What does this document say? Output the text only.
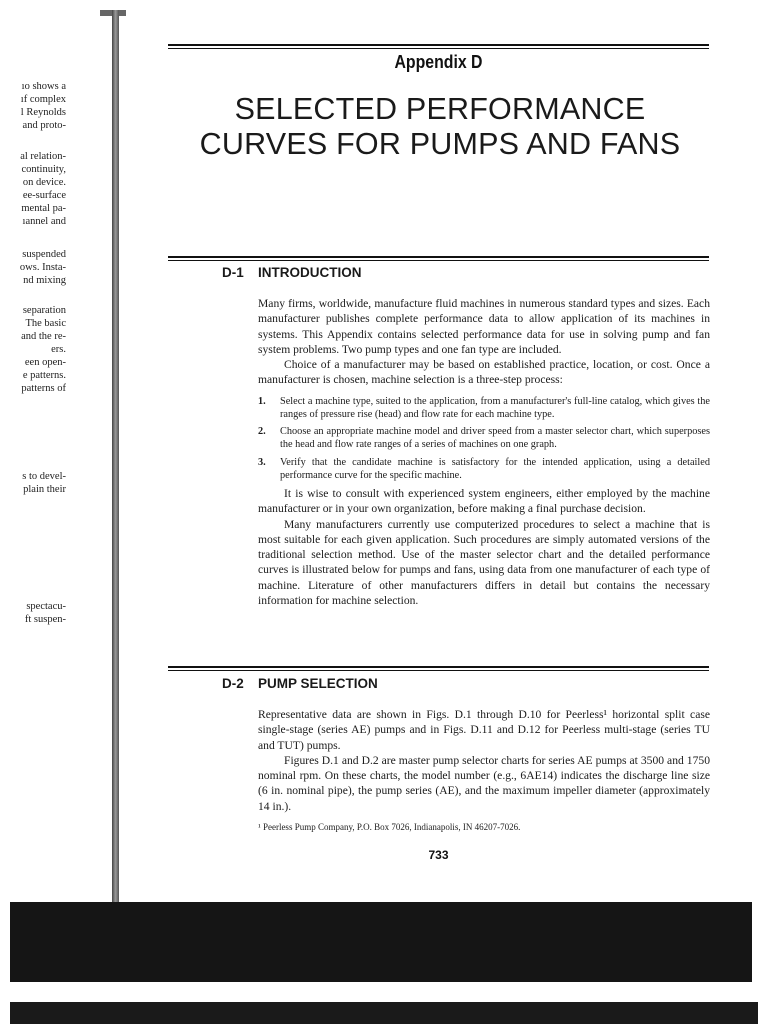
ıo shows a
ıf complex
l Reynolds
and proto-
al relation-
continuity,
on device.
ee-surface
mental pa-
ıannel and
suspended
ows. Insta-
nd mixing
separation
The basic
and the re-
ers.
een open-
e patterns.
patterns of
s to devel-
plain their
spectacu-
ft suspen-
Appendix D
SELECTED PERFORMANCE
CURVES FOR PUMPS AND FANS
D-1 INTRODUCTION

Many firms, worldwide, manufacture fluid machines in numerous standard types and sizes. Each manufacturer publishes complete performance data to allow application of its machines in systems. This Appendix contains selected performance data for use in solving pump and fan system problems. Two pump types and one fan type are included.

Choice of a manufacturer may be based on established practice, location, or cost. Once a manufacturer is chosen, machine selection is a three-step process:

1.	Select a machine type, suited to the application, from a manufacturer's full-line catalog, which gives the ranges of pressure rise (head) and flow rate for each machine type.
2.	Choose an appropriate machine model and driver speed from a master selector chart, which superposes the head and flow rate ranges of a series of machines on one graph.
3.	Verify that the candidate machine is satisfactory for the intended application, using a detailed performance curve for the specific machine.

It is wise to consult with experienced system engineers, either employed by the machine manufacturer or in your own organization, before making a final purchase decision.

Many manufacturers currently use computerized procedures to select a machine that is most suitable for each given application. Such procedures are simply automated versions of the traditional selection method. Use of the master selector chart and the detailed performance curves is illustrated below for pumps and fans, using data from one manufacturer of each type of machine. Literature of other manufacturers differs in detail but contains the necessary information for machine selection.

D-2 PUMP SELECTION

Representative data are shown in Figs. D.1 through D.10 for Peerless¹ horizontal split case single-stage (series AE) pumps and in Figs. D.11 and D.12 for Peerless multi-stage (series TU and TUT) pumps.

Figures D.1 and D.2 are master pump selector charts for series AE pumps at 3500 and 1750 nominal rpm. On these charts, the model number (e.g., 6AE14) indicates the discharge line size (6 in. nominal pipe), the pump series (AE), and the maximum impeller diameter (approximately 14 in.).

¹ Peerless Pump Company, P.O. Box 7026, Indianapolis, IN 46207-7026.
733
